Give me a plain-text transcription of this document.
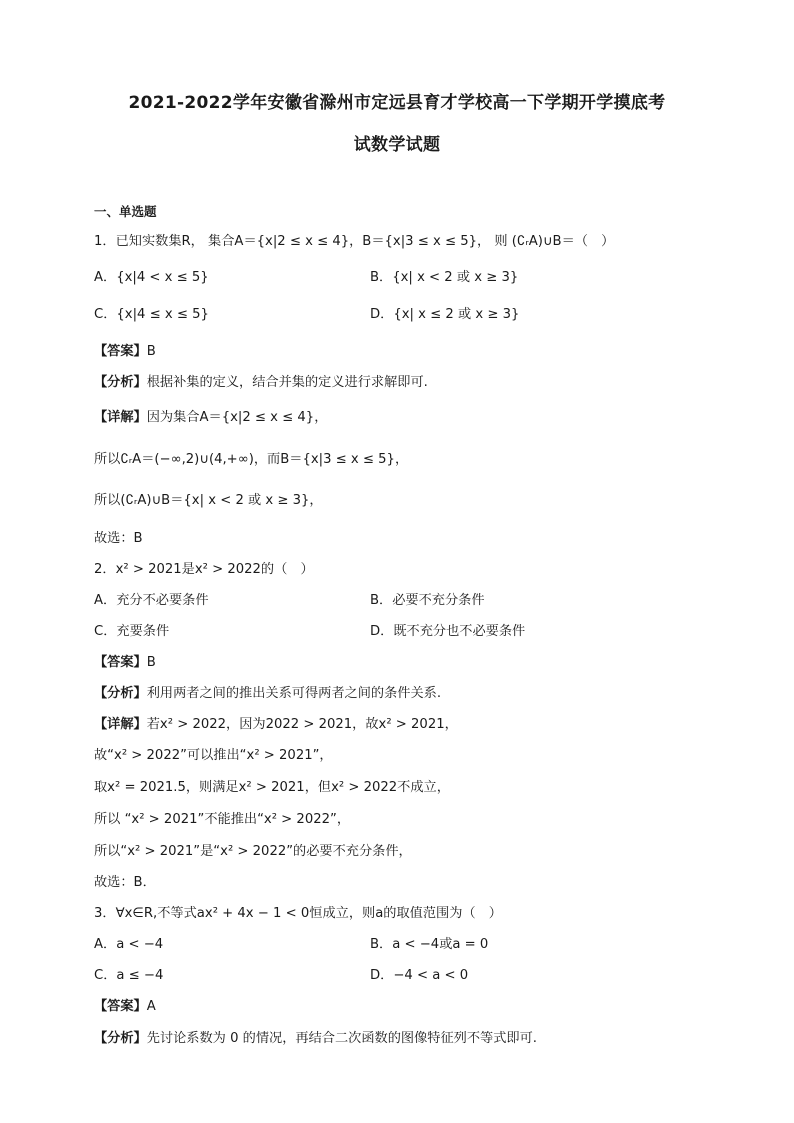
2021-2022学年安徽省滁州市定远县育才学校高一下学期开学摸底考
试数学试题
一、单选题
1．已知实数集R， 集合A＝{x|2 ≤ x ≤ 4}，B＝{x|3 ≤ x ≤ 5}， 则 (∁ᵣA)∪B＝（　）
A．{x|4 < x ≤ 5}	B．{x| x < 2 或 x ≥ 3}
C．{x|4 ≤ x ≤ 5}	D．{x| x ≤ 2 或 x ≥ 3}
【答案】B
【分析】根据补集的定义，结合并集的定义进行求解即可.
【详解】因为集合A＝{x|2 ≤ x ≤ 4}，
所以∁ᵣA＝(−∞,2)∪(4,+∞)，而B＝{x|3 ≤ x ≤ 5}，
所以(∁ᵣA)∪B＝{x| x < 2 或 x ≥ 3}，
故选：B
2．x² > 2021是x² > 2022的（　）
A．充分不必要条件	B．必要不充分条件
C．充要条件	D．既不充分也不必要条件
【答案】B
【分析】利用两者之间的推出关系可得两者之间的条件关系.
【详解】若x² > 2022，因为2022 > 2021，故x² > 2021，
故“x² > 2022”可以推出“x² > 2021”，
取x² = 2021.5，则满足x² > 2021，但x² > 2022不成立，
所以 “x² > 2021”不能推出“x² > 2022”，
所以“x² > 2021”是“x² > 2022”的必要不充分条件，
故选：B．
3．∀x∈R,不等式ax² + 4x − 1 < 0恒成立，则a的取值范围为（　）
A．a < −4	B．a < −4或a = 0
C．a ≤ −4	D．−4 < a < 0
【答案】A
【分析】先讨论系数为 0 的情况，再结合二次函数的图像特征列不等式即可.
